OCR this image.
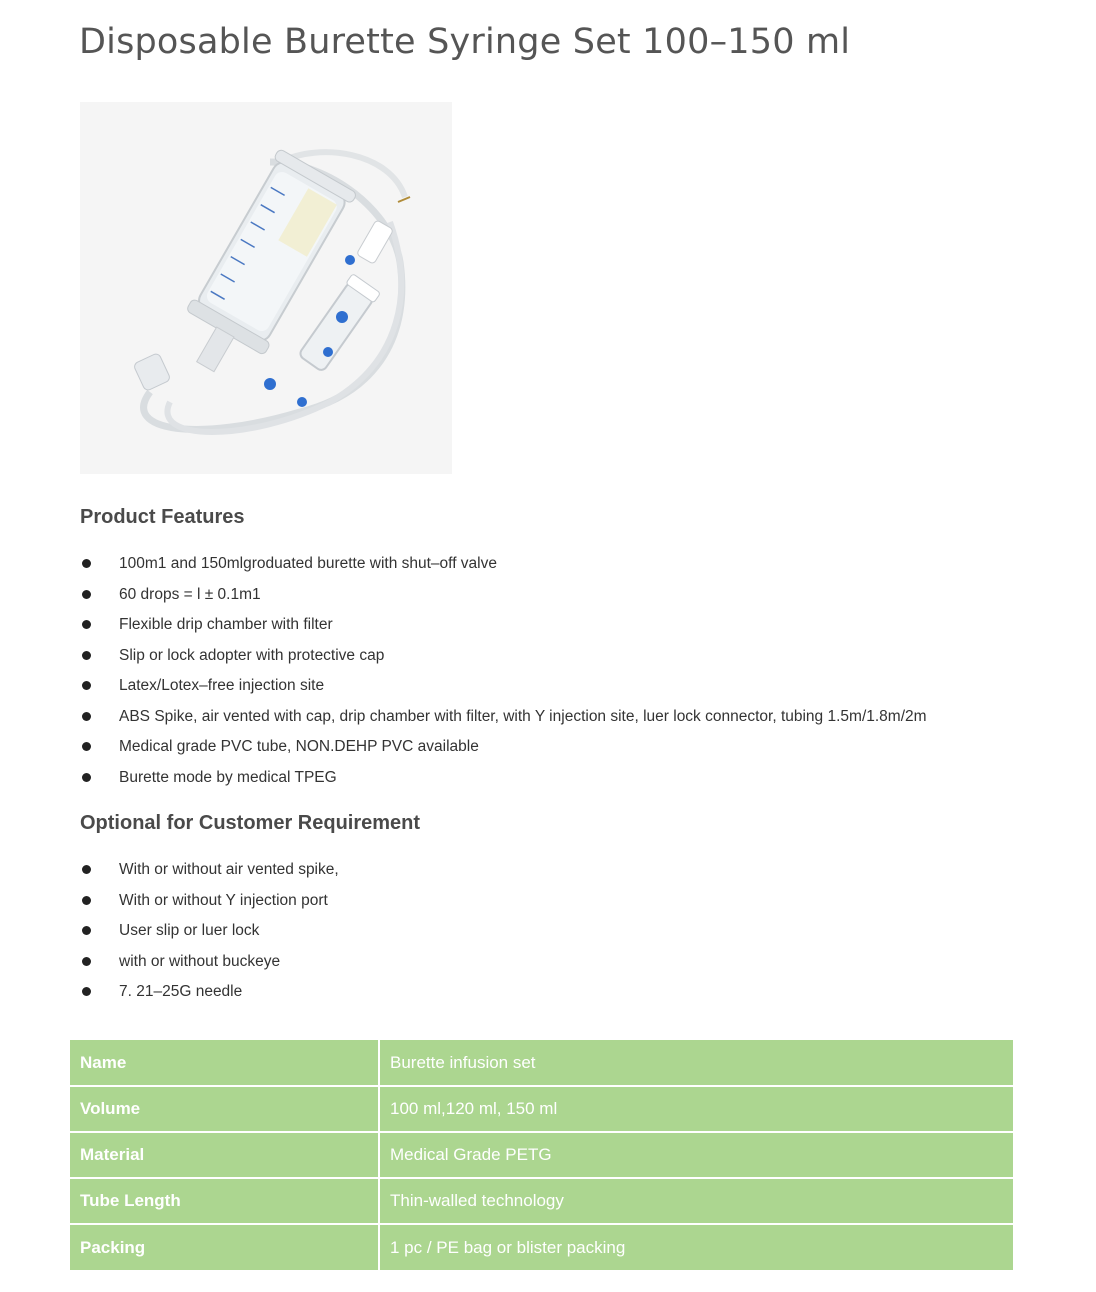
Disposable Burette Syringe Set 100–150 ml
Product Features
100m1 and 150mlgroduated burette with shut–off valve
60 drops = l ± 0.1m1
Flexible drip chamber with filter
Slip or lock adopter with protective cap
Latex/Lotex–free injection site
ABS Spike, air vented with cap, drip chamber with filter, with Y injection site, luer lock connector, tubing 1.5m/1.8m/2m
Medical grade PVC tube, NON.DEHP PVC available
Burette mode by medical TPEG
Optional for Customer Requirement
With or without air vented spike,
With or without Y injection port
User slip or luer lock
with or without buckeye
7. 21–25G needle
Name	Burette infusion set
Volume	100 ml,120 ml, 150 ml
Material	Medical Grade PETG
Tube Length	Thin-walled technology
Packing	1 pc / PE bag or blister packing
